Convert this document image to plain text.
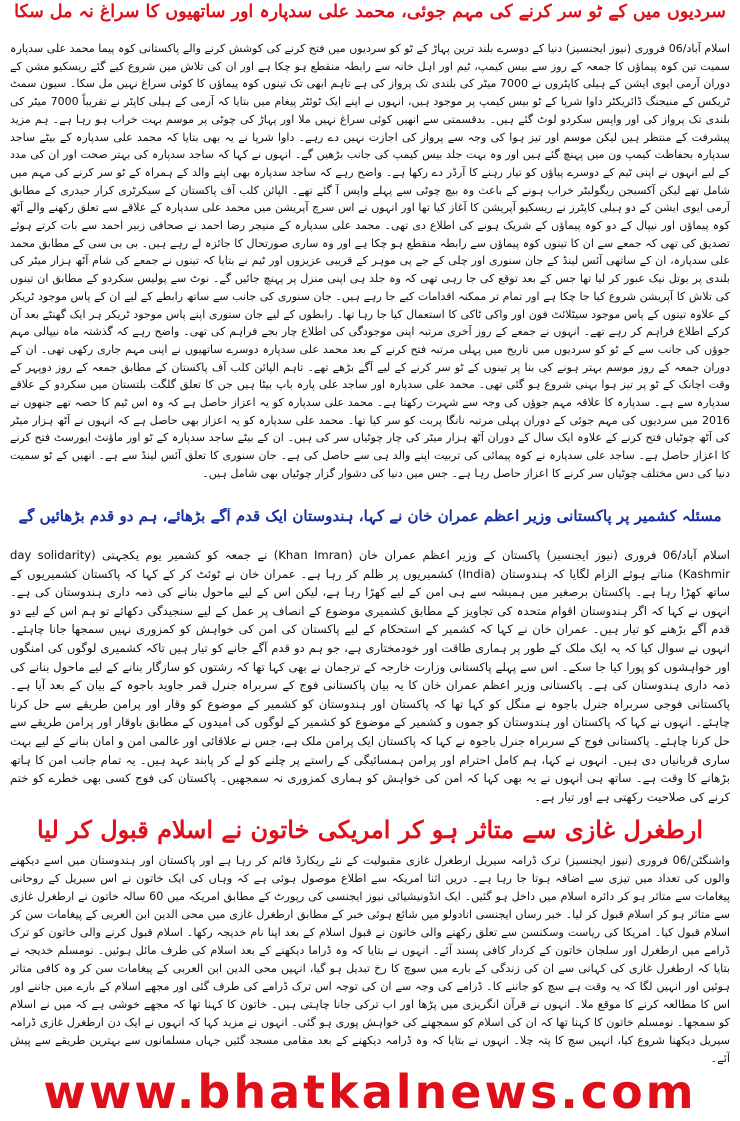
سردیوں میں کے ٹو سر کرنے کی مہم جوئی، محمد علی سدپارہ اور ساتھیوں کا سراغ نہ مل سکا

اسلام آباد/06 فروری (نیوز ایجنسیز) دنیا کے دوسرے بلند ترین پہاڑ کے ٹو کو سردیوں میں فتح کرنے کی کوشش کرنے والے پاکستانی کوہ پیما محمد علی سدپارہ سمیت تین کوہ پیماؤں کا جمعہ کے روز سے بیس کیمپ، ٹیم اور اہل خانہ سے رابطہ منقطع ہو چکا ہے اور ان کی تلاش میں شروع کیے گئے ریسکیو مشن کے دوران آرمی ایوی ایشن کے ہیلی کاپٹروں نے 7000 میٹر کی بلندی تک پرواز کی ہے تاہم ابھی تک تینوں کوہ پیماؤں کا کوئی سراغ نہیں مل سکا۔ سیون سمٹ ٹریکس کے منیجنگ ڈائریکٹر داوا شرپا کے ٹو بیس کیمپ پر موجود ہیں، انہوں نے اپنے ایک ٹوئٹر پیغام میں بتایا کہ آرمی کے ہیلی کاپٹر نے تقریباً 7000 میٹر کی بلندی تک پرواز کی اور واپس سکردو لوٹ گئے ہیں۔ بدقسمتی سے انھیں کوئی سراغ نہیں ملا اور پہاڑ کی چوٹی پر موسم بہت خراب ہو رہا ہے۔ ہم مزید پیشرفت کے منتظر ہیں لیکن موسم اور تیز ہوا کی وجہ سے پرواز کی اجازت نہیں دے رہے۔ داوا شرپا نے یہ بھی بتایا کہ محمد علی سدپارہ کے بیٹے ساجد سدپارہ بحفاظت کیمپ ون میں پہنچ گئے ہیں اور وہ بہت جلد بیس کیمپ کی جانب بڑھیں گے۔ انہوں نے کہا کہ ساجد سدپارہ کی بہتر صحت اور ان کی مدد کے لیے انہوں نے اپنی ٹیم کے دوسرے پیاؤں کو تیار رہنے کا آرڈر دے رکھا ہے۔ واضح رہے کہ ساجد سدپارہ بھی اپنے والد کے ہمراہ کے ٹو سر کرنے کی مہم میں شامل تھے لیکن آکسیجن ریگولیٹر خراب ہونے کے باعث وہ بیچ چوٹی سے پہلے واپس آ گئے تھے۔ الپائن کلب آف پاکستان کے سیکرٹری کرار حیدری کے مطابق آرمی ایوی ایشن کے دو ہیلی کاپٹرز نے ریسکیو آپریشن کا آغاز کیا تھا اور انہوں نے اس سرچ آپریشن میں محمد علی سدپارہ کے علاقے سے تعلق رکھنے والے آٹھ کوہ پیماؤں اور نیپال کے دو کوہ پیماؤں کے شریک ہونے کی اطلاع دی تھی۔ محمد علی سدپارہ کے منیجر رضا احمد نے صحافی زبیر احمد سے بات کرتے ہوئے تصدیق کی تھی کہ جمعے سے ان کا تینوں کوہ پیماؤں سے رابطہ منقطع ہو چکا ہے اور وہ ساری صورتحال کا جائزہ لے رہے ہیں۔ بی بی سی کے مطابق محمد علی سدپارہ، ان کے ساتھی آئس لینڈ کے جان سنوری اور چلی کے جے پی موہر کے قریبی عزیزوں اور ٹیم نے بتایا کہ تینوں نے جمعے کی شام آٹھ ہزار میٹر کی بلندی پر بوتل نیک عبور کر لیا تھا جس کے بعد توقع کی جا رہی تھی کہ وہ جلد ہی اپنی منزل پر پہنچ جائیں گے۔ نوٹ سے پولیس سکردو کے مطابق ان تینوں کی تلاش کا آپریشن شروع کیا جا چکا ہے اور تمام تر ممکنہ اقدامات کیے جا رہے ہیں۔ جان سنوری کی جانب سے ساتھ رابطے کے لیے ان کے پاس موجود ٹریکر کے علاوہ تینوں کے پاس موجود سیٹلائٹ فون اور واکی ٹاکی کا استعمال کیا جا رہا تھا۔ رابطوں کے لیے جان سنوری اپنے پاس موجود ٹریکر ہر ایک گھنٹے بعد آن کرکے اطلاع فراہم کر رہے تھے۔ انہوں نے جمعے کے روز آخری مرتبہ اپنی موجودگی کی اطلاع چار بجے فراہم کی تھی۔ واضح رہے کہ گذشتہ ماہ نیپالی مہم جوؤں کی جانب سے کے ٹو کو سردیوں میں تاریخ میں پہلی مرتبہ فتح کرنے کے بعد محمد علی سدپارہ دوسرے ساتھیوں نے اپنی مہم جاری رکھی تھی۔ ان کے دوران جمعہ کے روز موسم بہتر ہونے کی بنا پر تینوں کے ٹو سر کرنے کے لیے آگے بڑھے تھے۔ تاہم الپائن کلب آف پاکستان کے مطابق جمعہ کے روز دوپہر کے وقت اچانک کے ٹو پر تیز ہوا بہنی شروع ہو گئی تھی۔ محمد علی سدپارہ اور ساجد علی پارہ باپ بیٹا ہیں جن کا تعلق گلگت بلتستان میں سکردو کے علاقے سدپارہ سے ہے۔ سدپارہ کا علاقہ مہم جوؤں کی وجہ سے شہرت رکھتا ہے۔ محمد علی سدپارہ کو یہ اعزاز حاصل ہے کہ وہ اس ٹیم کا حصہ تھے جنھوں نے 2016 میں سردیوں کی مہم جوئی کے دوران پہلی مرتبہ نانگا پربت کو سر کیا تھا۔ محمد علی سدپارہ کو یہ اعزاز بھی حاصل ہے کہ انہوں نے آٹھ ہزار میٹر کی آٹھ چوٹیاں فتح کرنے کے علاوہ ایک سال کے دوران آٹھ ہزار میٹر کی چار چوٹیاں سر کی ہیں۔ ان کے بیٹے ساجد سدپارہ کے ٹو اور ماؤنٹ ایورسٹ فتح کرنے کا اعزاز حاصل ہے۔ ساجد علی سدپارہ نے کوہ پیمائی کی تربیت اپنے والد ہی سے حاصل کی ہے۔ جان سنوری کا تعلق آئس لینڈ سے ہے۔ انھیں کے ٹو سمیت دنیا کی دس مختلف چوٹیاں سر کرنے کا اعزاز حاصل رہا ہے۔ جس میں دنیا کی دشوار گزار چوٹیاں بھی شامل ہیں۔

مسئلہ کشمیر پر پاکستانی وزیر اعظم عمران خان نے کہا، ہندوستان ایک قدم آگے بڑھائے، ہم دو قدم بڑھائیں گے

اسلام آباد/06 فروری (نیوز ایجنسیز) پاکستان کے وزیر اعظم عمران خان (Khan Imran) نے جمعہ کو کشمیر یوم یکجہتی (day solidarity Kashmir) مناتے ہوئے الزام لگایا کہ ہندوستان (India) کشمیریوں پر ظلم کر رہا ہے۔ عمران خان نے ٹوئٹ کر کے کہا کہ پاکستان کشمیریوں کے ساتھ کھڑا رہا ہے۔ پاکستان برصغیر میں ہمیشہ سے ہی امن کے لیے کھڑا رہا ہے، لیکن اس کے لیے ماحول بنانے کی ذمہ داری ہندوستان کی ہے۔ انہوں نے کہا کہ اگر ہندوستان اقوام متحدہ کی تجاویز کے مطابق کشمیری موضوع کے انصاف پر عمل کے لیے سنجیدگی دکھائے تو ہم اس کے لیے دو قدم آگے بڑھنے کو تیار ہیں۔ عمران خان نے کہا کہ کشمیر کے استحکام کے لیے پاکستان کی امن کی خواہش کو کمزوری نہیں سمجھا جانا چاہئے۔ انہوں نے سوال کیا کہ یہ ایک ملک کے طور پر ہماری طاقت اور خودمختاری ہے، جو ہم دو قدم آگے جانے کو تیار ہیں تاکہ کشمیری لوگوں کی امنگوں اور خواہشوں کو پورا کیا جا سکے۔ اس سے پہلے پاکستانی وزارت خارجہ کے ترجمان نے بھی کہا تھا کہ رشتوں کو سازگار بنانے کے لیے ماحول بنانے کی ذمہ داری ہندوستان کی ہے۔ پاکستانی وزیر اعظم عمران خان کا یہ بیان پاکستانی فوج کے سربراہ جنرل قمر جاوید باجوہ کے بیان کے بعد آیا ہے۔ پاکستانی فوجی سربراہ جنرل باجوہ نے منگل کو کہا تھا کہ پاکستان اور ہندوستان کو کشمیر کے موضوع کو وقار اور پرامن طریقے سے حل کرنا چاہئے۔ انہوں نے کہا کہ پاکستان اور ہندوستان کو جموں و کشمیر کے موضوع کو کشمیر کے لوگوں کی امیدوں کے مطابق باوقار اور پرامن طریقے سے حل کرنا چاہئے۔ پاکستانی فوج کے سربراہ جنرل باجوہ نے کہا کہ پاکستان ایک پرامن ملک ہے، جس نے علاقائی اور عالمی امن و امان بنانے کے لیے بہت ساری قربانیاں دی ہیں۔ انہوں نے کہا، ہم کامل احترام اور پرامن ہمسائیگی کے راستے پر چلنے کو لے کر پابند عہد ہیں۔ یہ تمام جانب امن کا ہاتھ بڑھانے کا وقت ہے۔ ساتھ ہی انہوں نے یہ بھی کہا کہ امن کی خواہش کو ہماری کمزوری نہ سمجھیں۔ پاکستان کی فوج کسی بھی خطرے کو ختم کرنے کی صلاحیت رکھتی ہے اور تیار ہے۔

ارطغرل غازی سے متاثر ہو کر امریکی خاتون نے اسلام قبول کر لیا

واشنگٹن/06 فروری (نیوز ایجنسیز) ترک ڈرامہ سیریل ارطغرل غازی مقبولیت کے نئے ریکارڈ قائم کر رہا ہے اور پاکستان اور ہندوستان میں اسے دیکھنے والوں کی تعداد میں تیزی سے اضافہ ہوتا جا رہا ہے۔ دریں اثنا امریکہ سے اطلاع موصول ہوئی ہے کہ وہاں کی ایک خاتون نے اس سیریل کے روحانی پیغامات سے متاثر ہو کر دائرہ اسلام میں داخل ہو گئیں۔ ایک انڈونیشیائی نیوز ایجنسی کی رپورٹ کے مطابق امریکہ میں 60 سالہ خاتون نے ارطغرل غازی سے متاثر ہو کر اسلام قبول کر لیا۔ خبر رساں ایجنسی انادولو میں شائع ہوئی خبر کے مطابق ارطغرل غازی میں محی الدین ابن العربی کے پیغامات سن کر اسلام قبول کیا۔ امریکا کی ریاست وسکنسن سے تعلق رکھنے والی خاتون نے قبول اسلام کے بعد اپنا نام خدیجہ رکھا۔ اسلام قبول کرنے والی خاتون کو ترک ڈرامے میں ارطغرل اور سلجان خاتون کے کردار کافی پسند آئے۔ انہوں نے بتایا کہ وہ ڈراما دیکھنے کے بعد اسلام کی طرف مائل ہوئیں۔ نومسلم خدیجہ نے بتایا کہ ارطغرل غازی کی کہانی سے ان کی زندگی کے بارے میں سوچ کا رخ تبدیل ہو گیا، انہیں محی الدین ابن العربی کے پیغامات سن کر وہ کافی متاثر ہوئیں اور انہیں لگا کہ یہ وقت ہے سچ کو جاننے کا۔ ڈرامے کی وجہ سے ان کی توجہ اس ترک ڈرامے کی طرف گئی اور مجھے اسلام کے بارے میں جاننے اور اس کا مطالعہ کرنے کا موقع ملا۔ انہوں نے قرآن انگریزی میں پڑھا اور اب ترکی جانا چاہتی ہیں۔ خاتون کا کہنا تھا کہ مجھے خوشی ہے کہ میں نے اسلام کو سمجھا۔ نومسلم خاتون کا کہنا تھا کہ ان کی اسلام کو سمجھنے کی خواہش پوری ہو گئی۔ انہوں نے مزید کہا کہ انہوں نے ایک دن ارطغرل غازی ڈرامہ سیریل دیکھنا شروع کیا، انہیں سچ کا پتہ چلا۔ انہوں نے بتایا کہ وہ ڈرامہ دیکھنے کے بعد مقامی مسجد گئیں جہاں مسلمانوں سے بہترین طریقے سے پیش آئے۔

www.bhatkalnews.com
